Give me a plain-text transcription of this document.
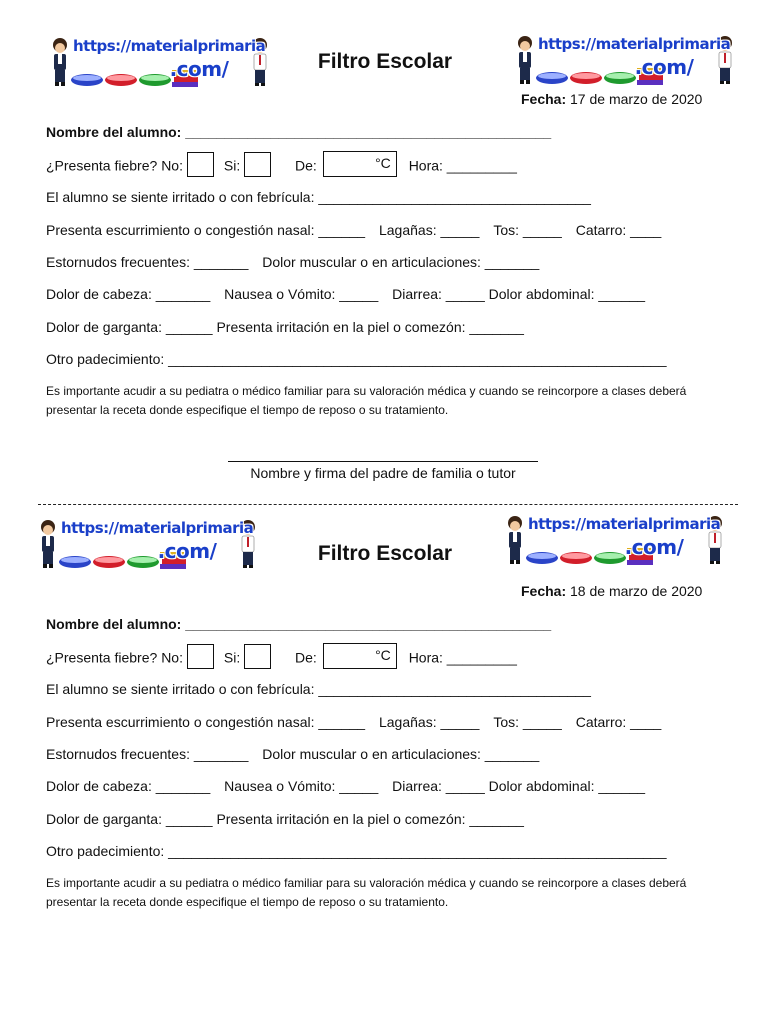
https://materialprimaria
.com/
https://materialprimaria
.com/
Filtro Escolar
Fecha: 17 de marzo de 2020
Nombre del alumno: _______________________________________________
¿Presenta fiebre? No:	Si:	De:	°C Hora: _________
El alumno se siente irritado o con febrícula: ___________________________________
Presenta escurrimiento o congestión nasal: ______ Lagañas: _____ Tos: _____ Catarro: ____
Estornudos frecuentes: _______ Dolor muscular o en articulaciones: _______
Dolor de cabeza: _______ Nausea o Vómito: _____ Diarrea: _____ Dolor abdominal: ______
Dolor de garganta: ______ Presenta irritación en la piel o comezón: _______
Otro padecimiento: ________________________________________________________________
Es importante acudir a su pediatra o médico familiar para su valoración médica y cuando se reincorpore a clases deberá presentar la receta donde especifique el tiempo de reposo o su tratamiento.
Nombre y firma del padre de familia o tutor
https://materialprimaria
.com/
https://materialprimaria
.com/
Filtro Escolar
Fecha: 18 de marzo de 2020
Nombre del alumno: _______________________________________________
¿Presenta fiebre? No:	Si:	De:	°C Hora: _________
El alumno se siente irritado o con febrícula: ___________________________________
Presenta escurrimiento o congestión nasal: ______ Lagañas: _____ Tos: _____ Catarro: ____
Estornudos frecuentes: _______ Dolor muscular o en articulaciones: _______
Dolor de cabeza: _______ Nausea o Vómito: _____ Diarrea: _____ Dolor abdominal: ______
Dolor de garganta: ______ Presenta irritación en la piel o comezón: _______
Otro padecimiento: ________________________________________________________________
Es importante acudir a su pediatra o médico familiar para su valoración médica y cuando se reincorpore a clases deberá presentar la receta donde especifique el tiempo de reposo o su tratamiento.
